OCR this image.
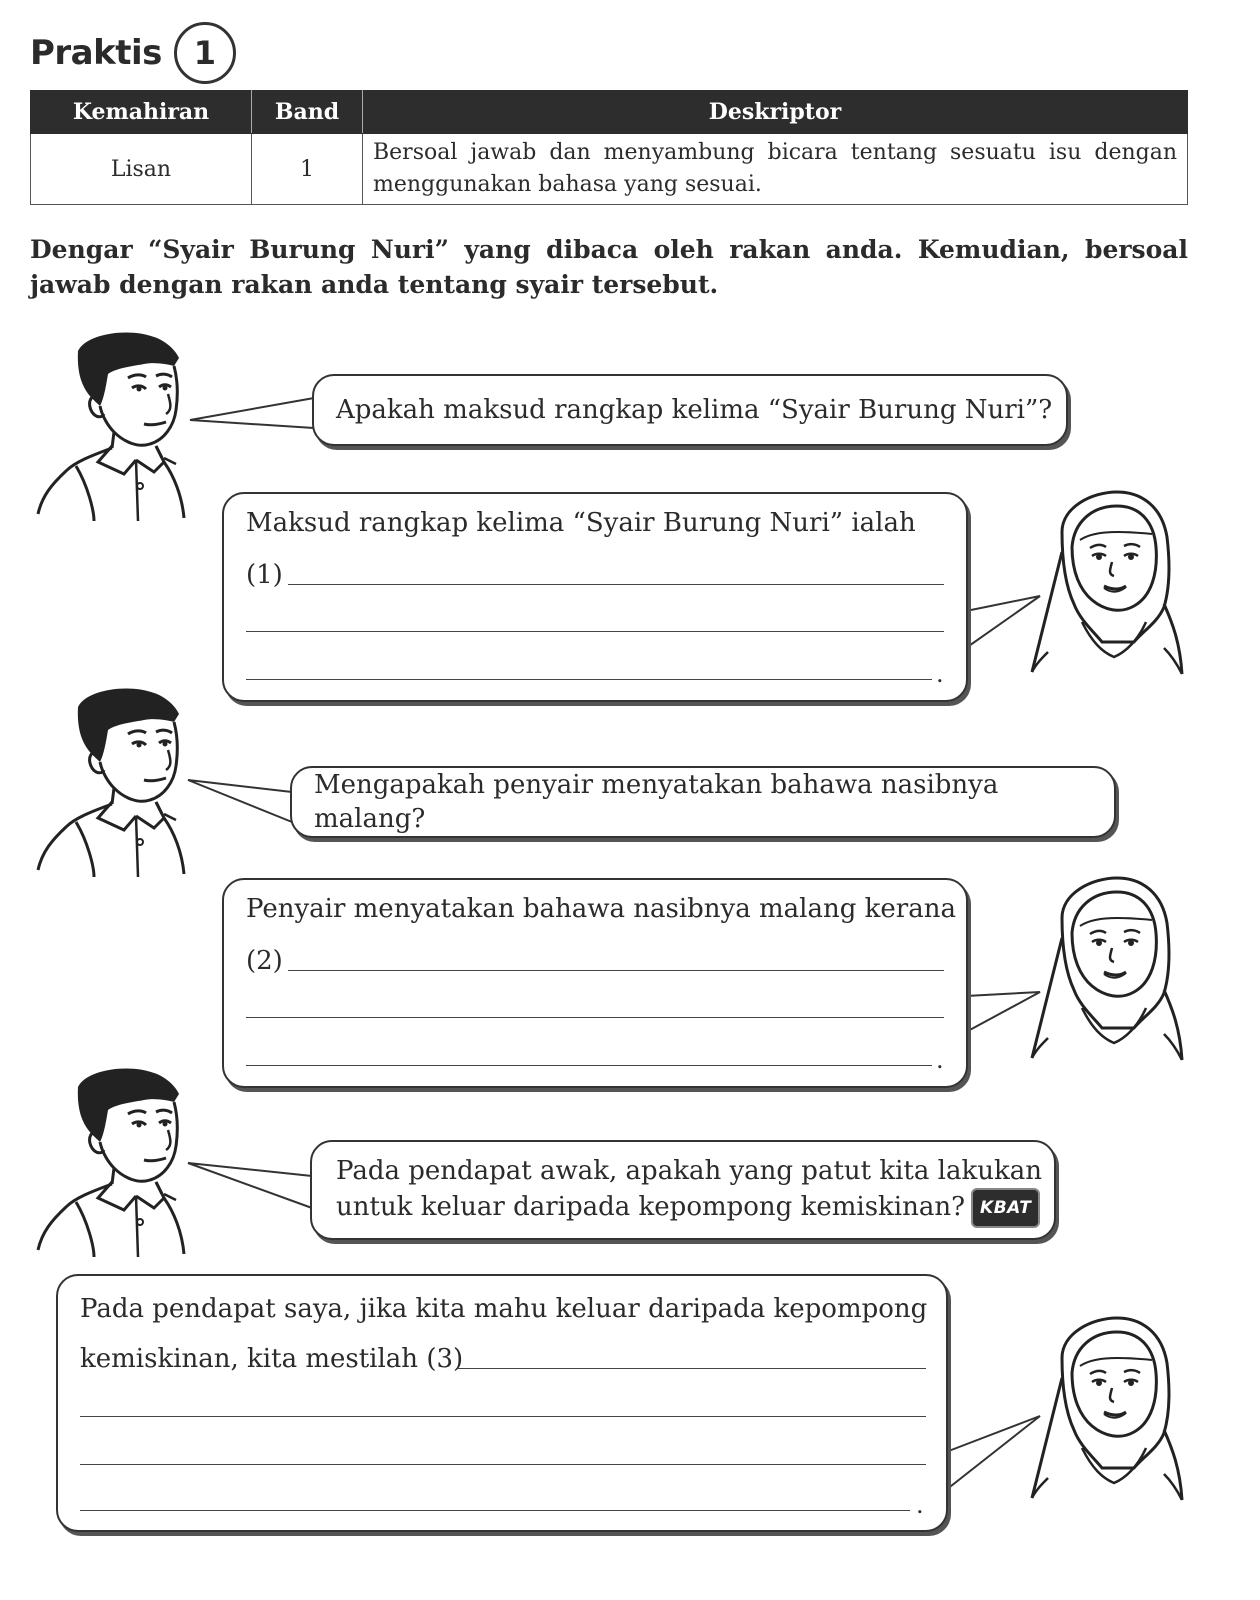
Praktis 1
Kemahiran	Band	Deskriptor
Lisan	1	Bersoal jawab dan menyambung bicara tentang sesuatu isu dengan menggunakan bahasa yang sesuai.
Dengar “Syair Burung Nuri” yang dibaca oleh rakan anda. Kemudian, bersoal jawab dengan rakan anda tentang syair tersebut.
Apakah maksud rangkap kelima “Syair Burung Nuri”?
Maksud rangkap kelima “Syair Burung Nuri” ialah
(1)
.
Mengapakah penyair menyatakan bahawa nasibnya malang?
Penyair menyatakan bahawa nasibnya malang kerana
(2)
.
Pada pendapat awak, apakah yang patut kita lakukan
untuk keluar daripada kepompong kemiskinan? KBAT
Pada pendapat saya, jika kita mahu keluar daripada kepompong
kemiskinan, kita mestilah (3)
.
